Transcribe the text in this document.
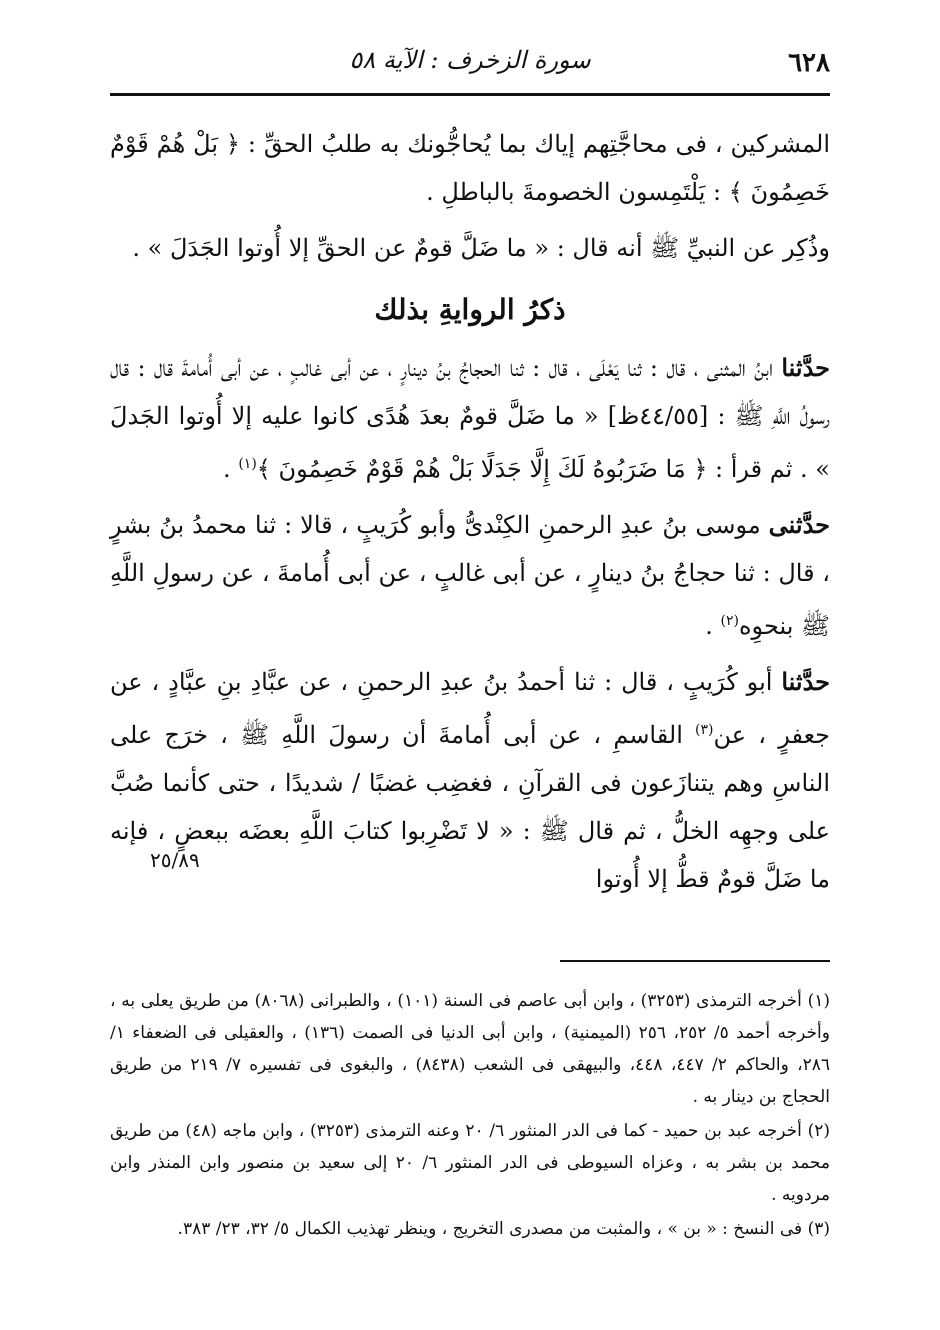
٦٢٨
سورة الزخرف : الآية ٥٨

المشركين ، فى محاجَّتِهم إياك بما يُحاجُّونك به طلبُ الحقِّ : ﴿ بَلْ هُمْ قَوْمٌ خَصِمُونَ ﴾ : يَلْتَمِسون الخصومةَ بالباطلِ .

وذُكِر عن النبيِّ ﷺ أنه قال : « ما ضَلَّ قومٌ عن الحقِّ إلا أُوتوا الجَدَلَ » .

ذكرُ الروايةِ بذلك

حدَّثنا ابنُ المثنى ، قال : ثنا يَعْلَى ، قال : ثنا الحجاجُ بنُ دينارٍ ، عن أبى غالبٍ ، عن أبى أُمامةَ قال : قال رسولُ اللَّهِ ﷺ : [٤٤/٥٥ظ] « ما ضَلَّ قومٌ بعدَ هُدًى كانوا عليه إلا أُوتوا الجَدلَ » . ثم قرأ : ﴿ مَا ضَرَبُوهُ لَكَ إِلَّا جَدَلًا بَلْ هُمْ قَوْمٌ خَصِمُونَ ﴾$^{(١)}$ .

حدَّثنى موسى بنُ عبدِ الرحمنِ الكِنْدىُّ وأبو كُرَيبٍ ، قالا : ثنا محمدُ بنُ بشرٍ ، قال : ثنا حجاجُ بنُ دينارٍ ، عن أبى غالبٍ ، عن أبى أُمامةَ ، عن رسولِ اللَّهِ ﷺ بنحوِه$^{(٢)}$ .

حدَّثنا أبو كُرَيبٍ ، قال : ثنا أحمدُ بنُ عبدِ الرحمنِ ، عن عبَّادِ بنِ عبَّادٍ ، عن جعفرٍ ، عن$^{(٣)}$ القاسمِ ، عن أبى أُمامةَ أن رسولَ اللَّهِ ﷺ ، خرَج على الناسِ وهم يتنازَعون فى القرآنِ ، فغضِب غضبًا / شديدًا ، حتى كأنما صُبَّ على وجهِه الخلُّ ، ثم قال ﷺ : « لا تَضْرِبوا كتابَ اللَّهِ بعضَه ببعضٍ ، فإنه ما ضَلَّ قومٌ قطُّ إلا أُوتوا

٢٥/٨٩

(١) أخرجه الترمذى (٣٢٥٣) ، وابن أبى عاصم فى السنة (١٠١) ، والطبرانى (٨٠٦٨) من طريق يعلى به ، وأخرجه أحمد ٥/ ٢٥٢، ٢٥٦ (الميمنية) ، وابن أبى الدنيا فى الصمت (١٣٦) ، والعقيلى فى الضعفاء ١/ ٢٨٦، والحاكم ٢/ ٤٤٧، ٤٤٨، والبيهقى فى الشعب (٨٤٣٨) ، والبغوى فى تفسيره ٧/ ٢١٩ من طريق الحجاج بن دينار به .

(٢) أخرجه عبد بن حميد - كما فى الدر المنثور ٦/ ٢٠ وعنه الترمذى (٣٢٥٣) ، وابن ماجه (٤٨) من طريق محمد بن بشر به ، وعزاه السيوطى فى الدر المنثور ٦/ ٢٠ إلى سعيد بن منصور وابن المنذر وابن مردويه .

(٣) فى النسخ : « بن » ، والمثبت من مصدرى التخريج ، وينظر تهذيب الكمال ٥/ ٣٢، ٢٣/ ٣٨٣.
